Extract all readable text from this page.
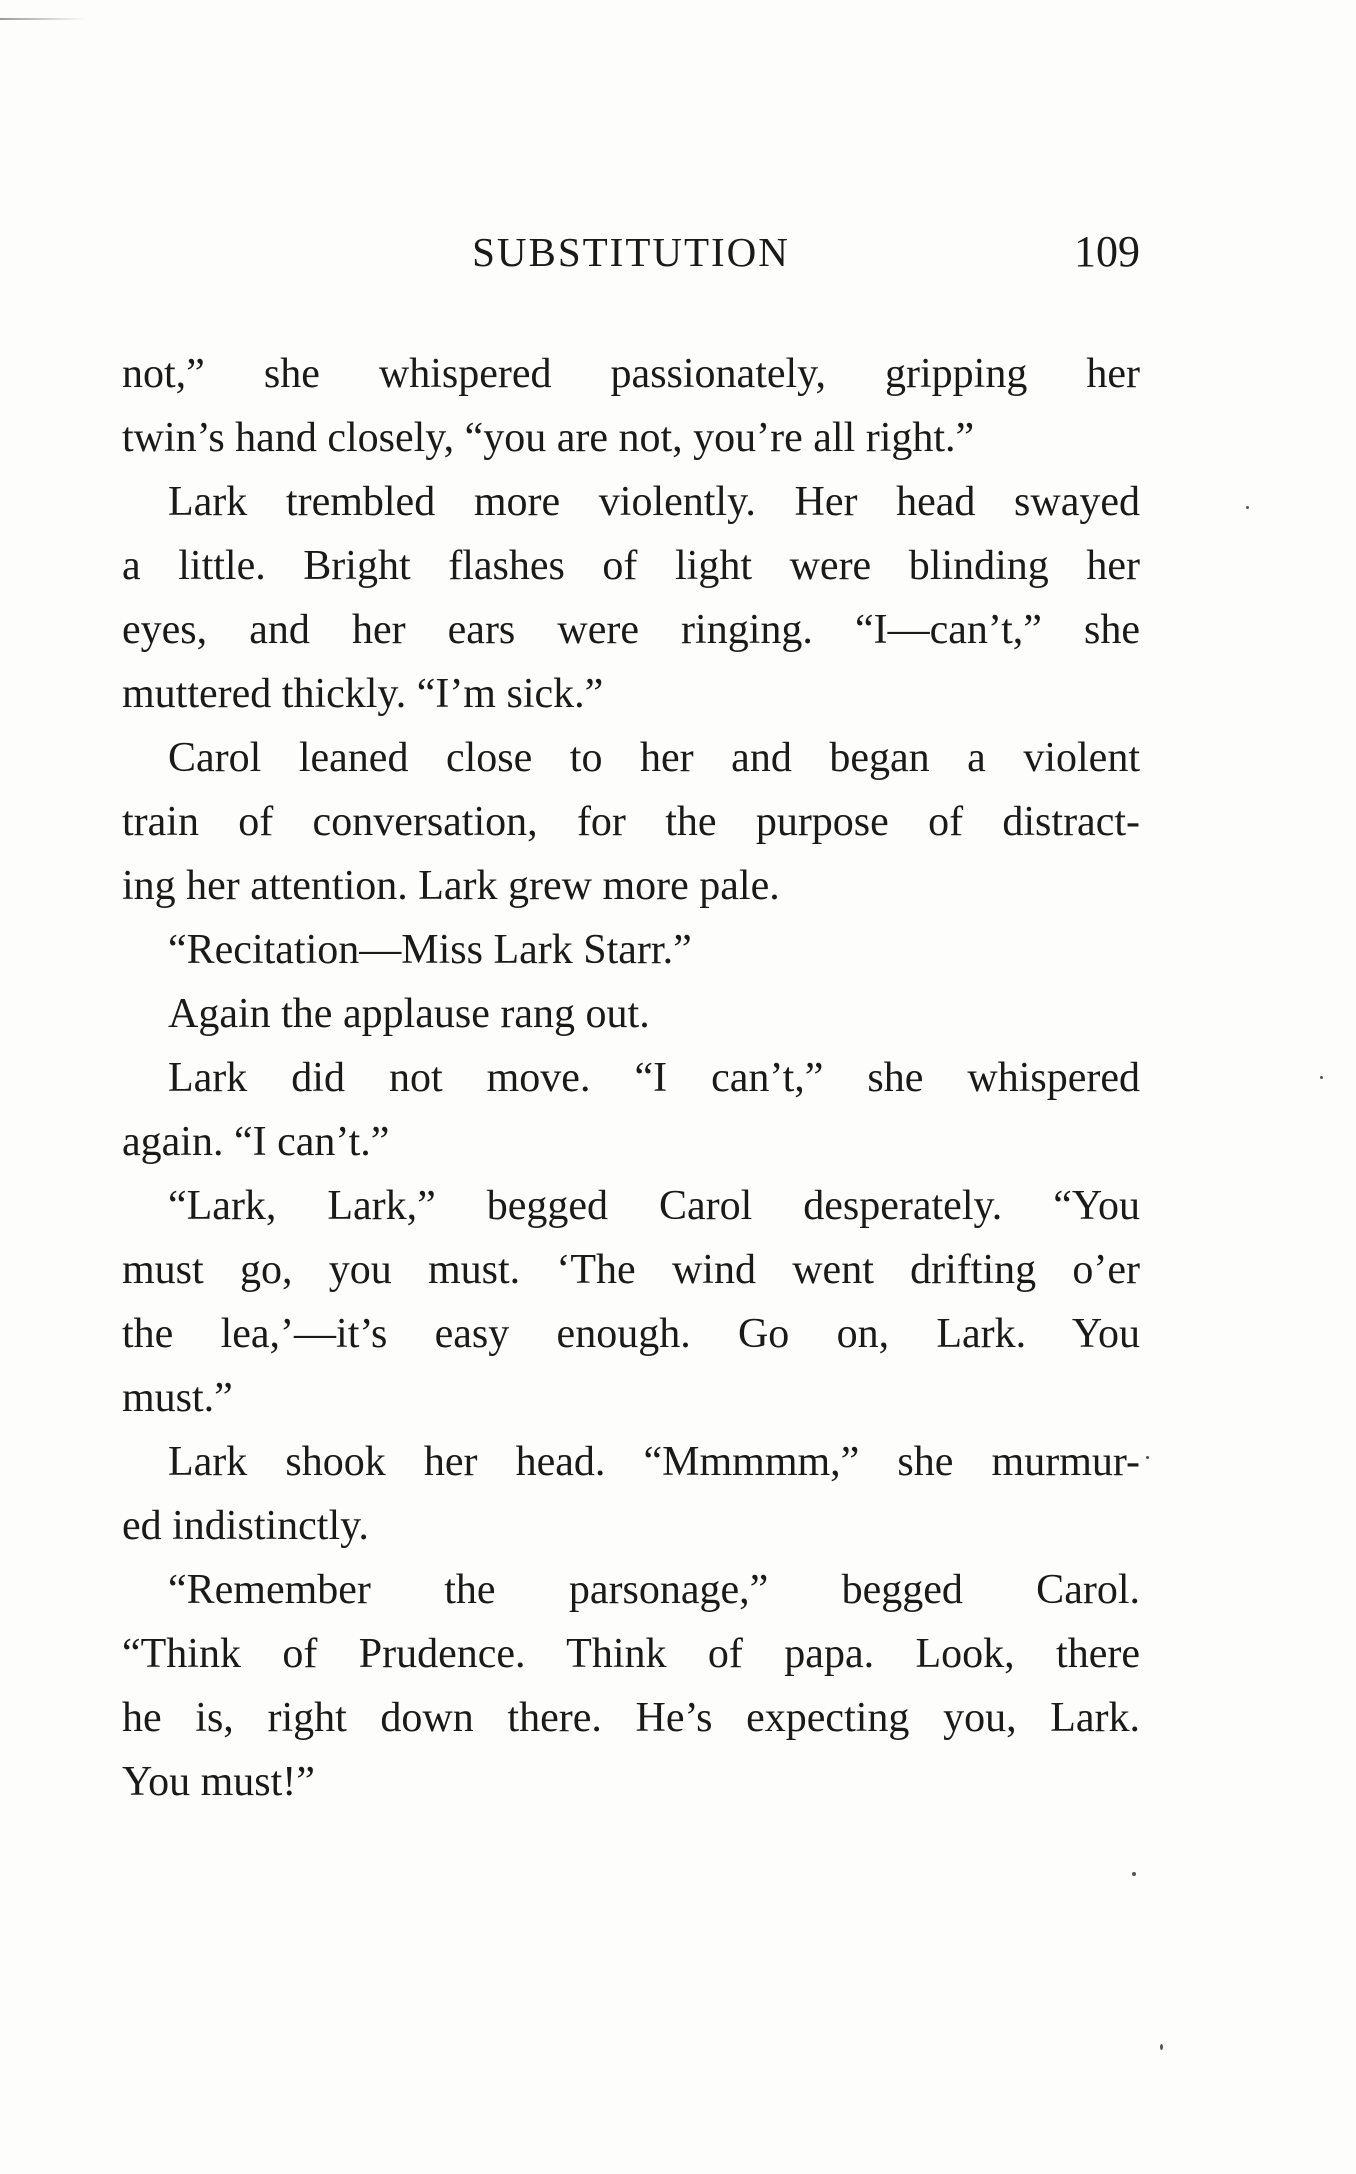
SUBSTITUTION	109
not,” she whispered passionately, gripping her
twin’s hand closely, “you are not, you’re all right.”
Lark trembled more violently. Her head swayed
a little. Bright flashes of light were blinding her
eyes, and her ears were ringing. “I—can’t,” she
muttered thickly. “I’m sick.”
Carol leaned close to her and began a violent
train of conversation, for the purpose of distract-
ing her attention. Lark grew more pale.
“Recitation—Miss Lark Starr.”
Again the applause rang out.
Lark did not move. “I can’t,” she whispered
again. “I can’t.”
“Lark, Lark,” begged Carol desperately. “You
must go, you must. ‘The wind went drifting o’er
the lea,’—it’s easy enough. Go on, Lark. You
must.”
Lark shook her head. “Mmmmm,” she murmur-
ed indistinctly.
“Remember the parsonage,” begged Carol.
“Think of Prudence. Think of papa. Look, there
he is, right down there. He’s expecting you, Lark.
You must!”
